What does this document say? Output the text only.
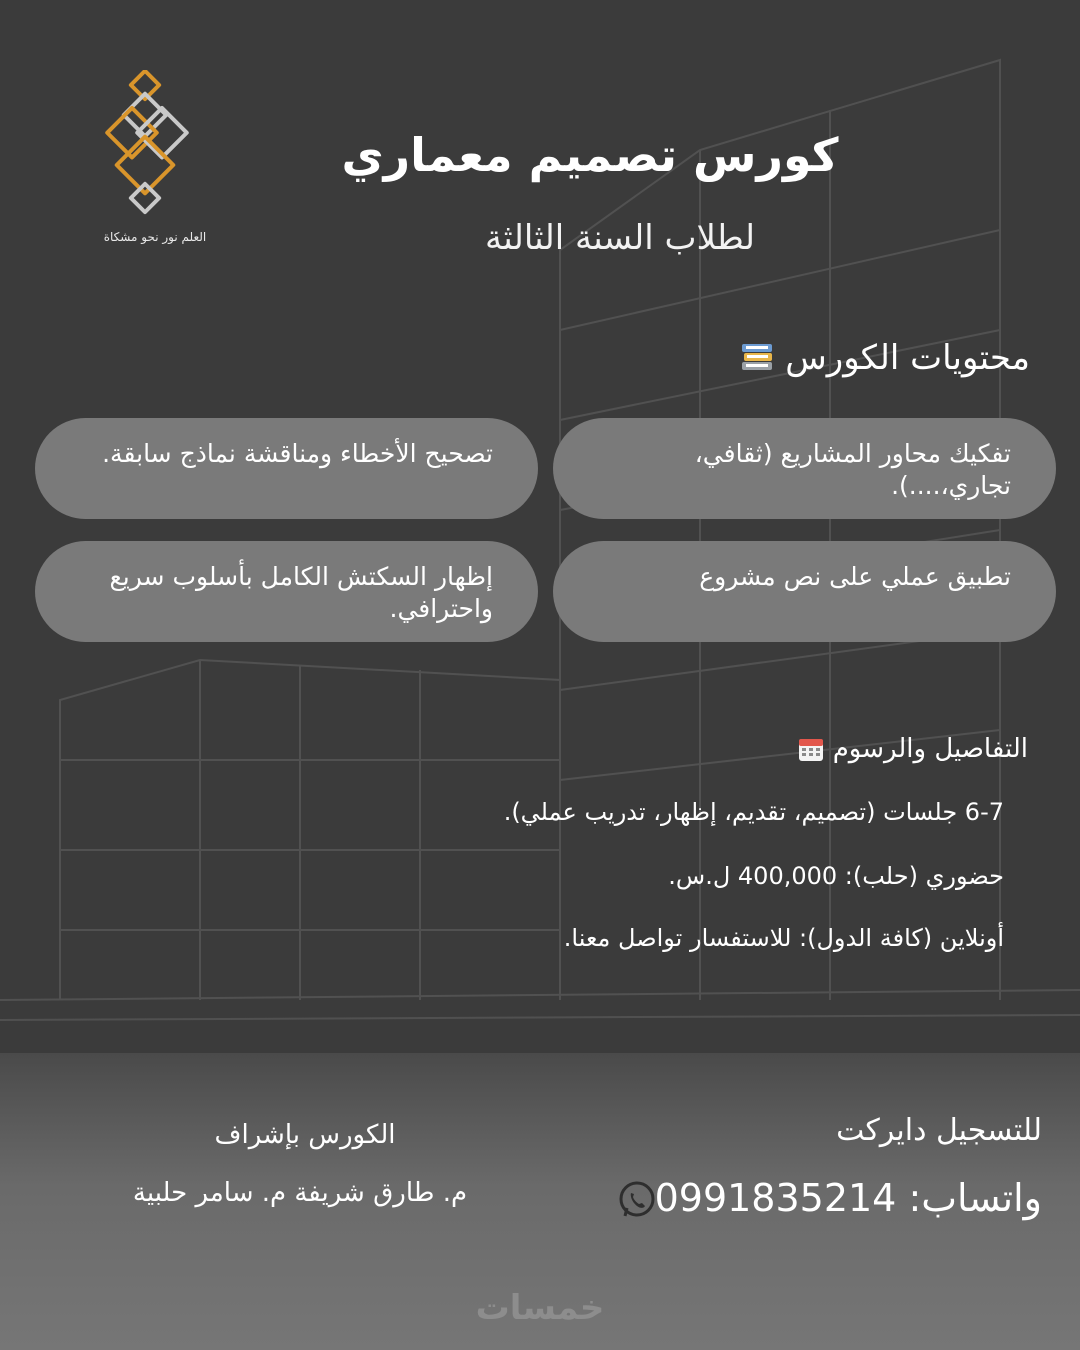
كورس تصميم معماري
لطلاب السنة الثالثة
العلم نور نحو مشكاة
محتويات الكورس
تفكيك محاور المشاريع (ثقافي، تجاري،....).
تصحيح الأخطاء ومناقشة نماذج سابقة.
تطبيق عملي على نص مشروع
إظهار السكتش الكامل بأسلوب سريع واحترافي.
التفاصيل والرسوم
6-7 جلسات (تصميم، تقديم، إظهار، تدريب عملي).
حضوري (حلب): 400,000 ل.س.
أونلاين (كافة الدول): للاستفسار تواصل معنا.
للتسجيل دايركت
واتساب: 0991835214
الكورس بإشراف
م. طارق شريفة م. سامر حلبية
خمسات
